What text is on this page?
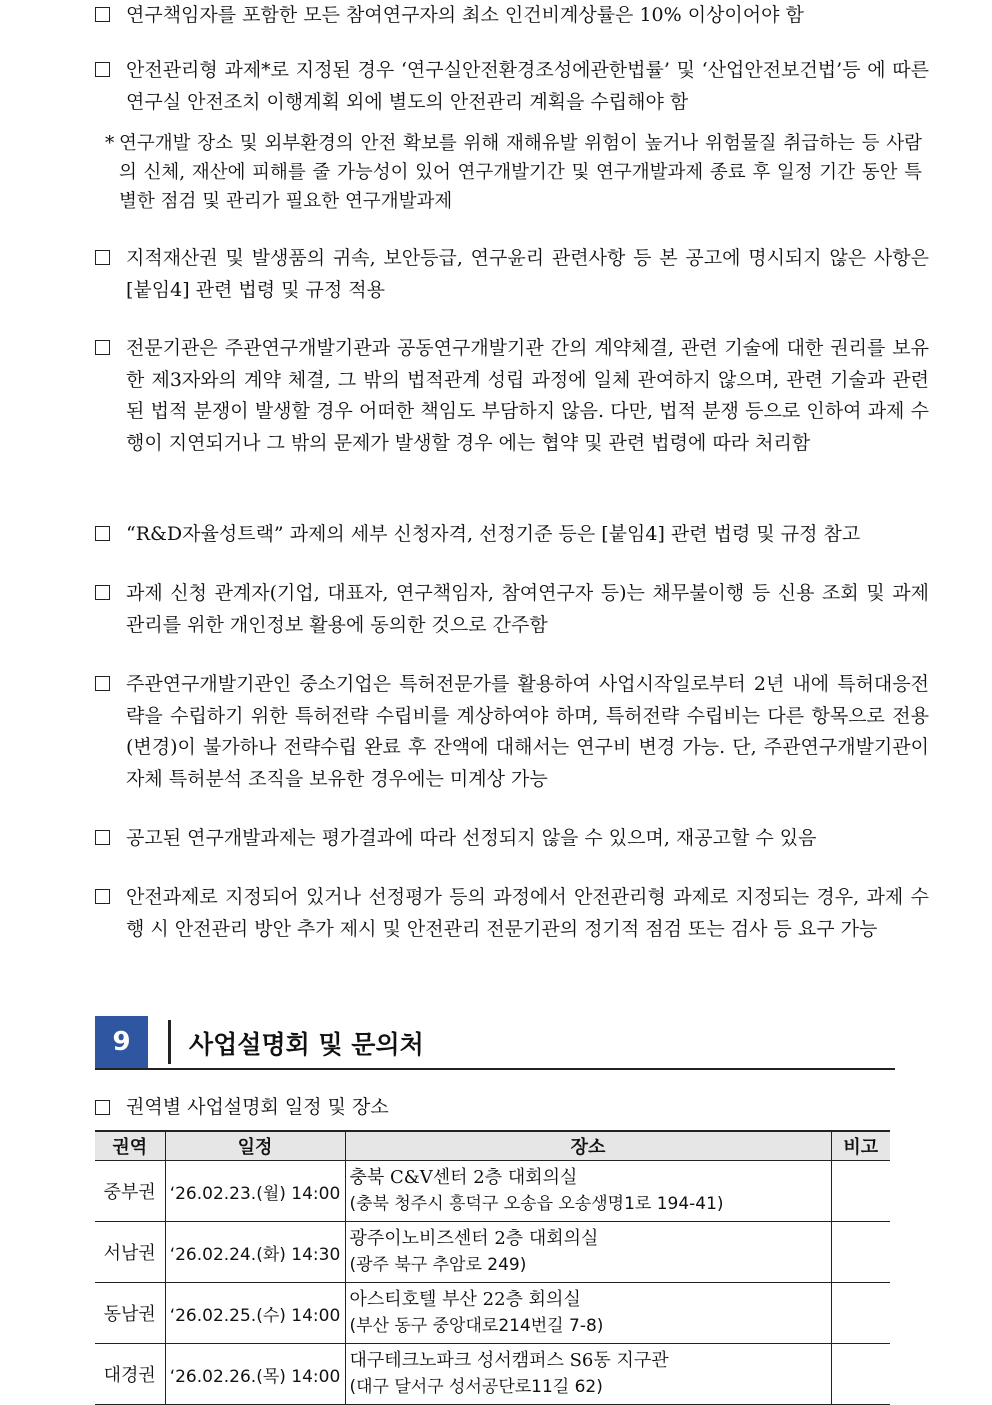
연구책임자를 포함한 모든 참여연구자의 최소 인건비계상률은 10% 이상이어야 함
안전관리형 과제*로 지정된 경우 ‘연구실안전환경조성에관한법률’ 및 ‘산업안전보건법’등 에 따른 연구실 안전조치 이행계획 외에 별도의 안전관리 계획을 수립해야 함
* 연구개발 장소 및 외부환경의 안전 확보를 위해 재해유발 위험이 높거나 위험물질 취급하는 등 사람의 신체, 재산에 피해를 줄 가능성이 있어 연구개발기간 및 연구개발과제 종료 후 일정 기간 동안 특별한 점검 및 관리가 필요한 연구개발과제
지적재산권 및 발생품의 귀속, 보안등급, 연구윤리 관련사항 등 본 공고에 명시되지 않은 사항은 [붙임4] 관련 법령 및 규정 적용
전문기관은 주관연구개발기관과 공동연구개발기관 간의 계약체결, 관련 기술에 대한 권리를 보유한 제3자와의 계약 체결, 그 밖의 법적관계 성립 과정에 일체 관여하지 않으며, 관련 기술과 관련된 법적 분쟁이 발생할 경우 어떠한 책임도 부담하지 않음. 다만, 법적 분쟁 등으로 인하여 과제 수행이 지연되거나 그 밖의 문제가 발생할 경우 에는 협약 및 관련 법령에 따라 처리함
“R&D자율성트랙” 과제의 세부 신청자격, 선정기준 등은 [붙임4] 관련 법령 및 규정 참고
과제 신청 관계자(기업, 대표자, 연구책임자, 참여연구자 등)는 채무불이행 등 신용 조회 및 과제 관리를 위한 개인정보 활용에 동의한 것으로 간주함
주관연구개발기관인 중소기업은 특허전문가를 활용하여 사업시작일로부터 2년 내에 특허대응전략을 수립하기 위한 특허전략 수립비를 계상하여야 하며, 특허전략 수립비는 다른 항목으로 전용(변경)이 불가하나 전략수립 완료 후 잔액에 대해서는 연구비 변경 가능. 단, 주관연구개발기관이 자체 특허분석 조직을 보유한 경우에는 미계상 가능
공고된 연구개발과제는 평가결과에 따라 선정되지 않을 수 있으며, 재공고할 수 있음
안전과제로 지정되어 있거나 선정평가 등의 과정에서 안전관리형 과제로 지정되는 경우, 과제 수행 시 안전관리 방안 추가 제시 및 안전관리 전문기관의 정기적 점검 또는 검사 등 요구 가능
9	사업설명회 및 문의처
권역별 사업설명회 일정 및 장소
권역	일정	장소	비고
중부권	‘26.02.23.(월) 14:00	충북 C&V센터 2층 대회의실
(충북 청주시 흥덕구 오송읍 오송생명1로 194-41)	

서남권	‘26.02.24.(화) 14:30	광주이노비즈센터 2층 대회의실
(광주 북구 추암로 249)	

동남권	‘26.02.25.(수) 14:00	아스티호텔 부산 22층 회의실
(부산 동구 중앙대로214번길 7-8)	

대경권	‘26.02.26.(목) 14:00	대구테크노파크 성서캠퍼스 S6동 지구관
(대구 달서구 성서공단로11길 62)	
